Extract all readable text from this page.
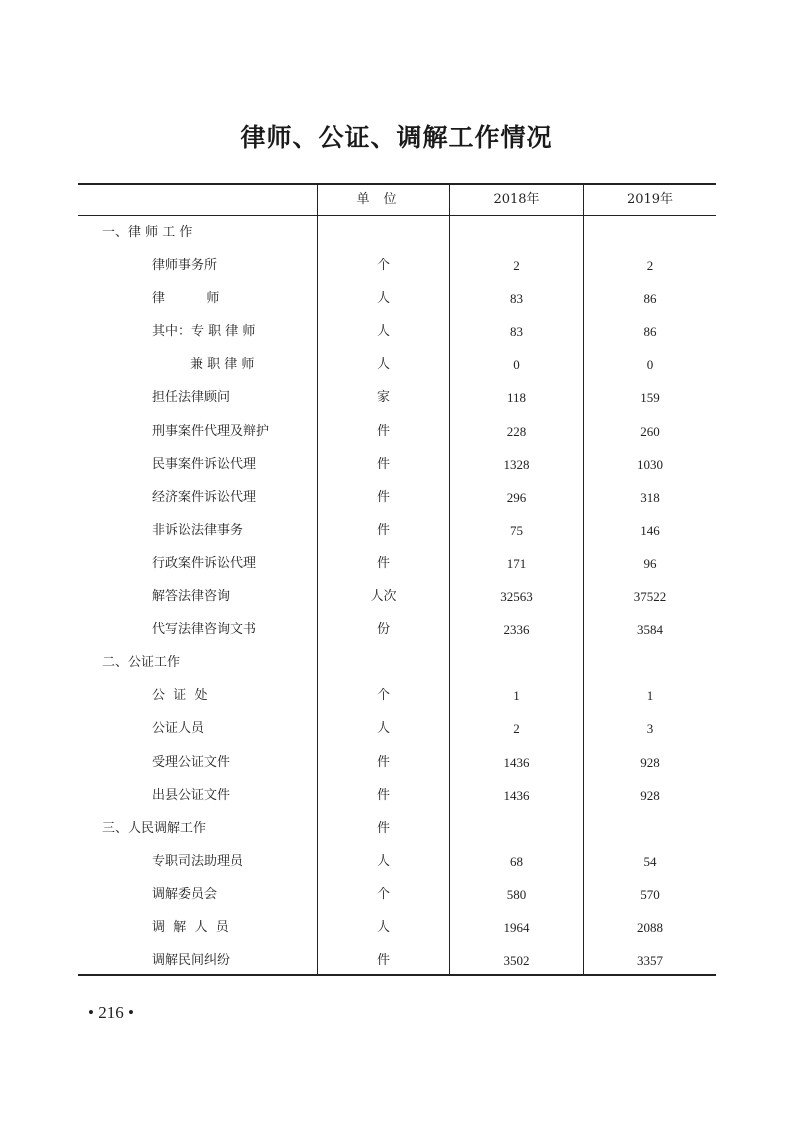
律师、公证、调解工作情况
单位	2018年	2019年
一、律 师 工 作
律师事务所	个	2	2
律          师	人	83	86
其中：专 职 律 师	人	83	86
兼 职 律 师	人	0	0
担任法律顾问	家	118	159
刑事案件代理及辩护	件	228	260
民事案件诉讼代理	件	1328	1030
经济案件诉讼代理	件	296	318
非诉讼法律事务	件	75	146
行政案件诉讼代理	件	171	96
解答法律咨询	人次	32563	37522
代写法律咨询文书	份	2336	3584
二、公证工作
公  证  处	个	1	1
公证人员	人	2	3
受理公证文件	件	1436	928
出县公证文件	件	1436	928
三、人民调解工作	件
专职司法助理员	人	68	54
调解委员会	个	580	570
调  解  人  员	人	1964	2088
调解民间纠纷	件	3502	3357
• 216 •
